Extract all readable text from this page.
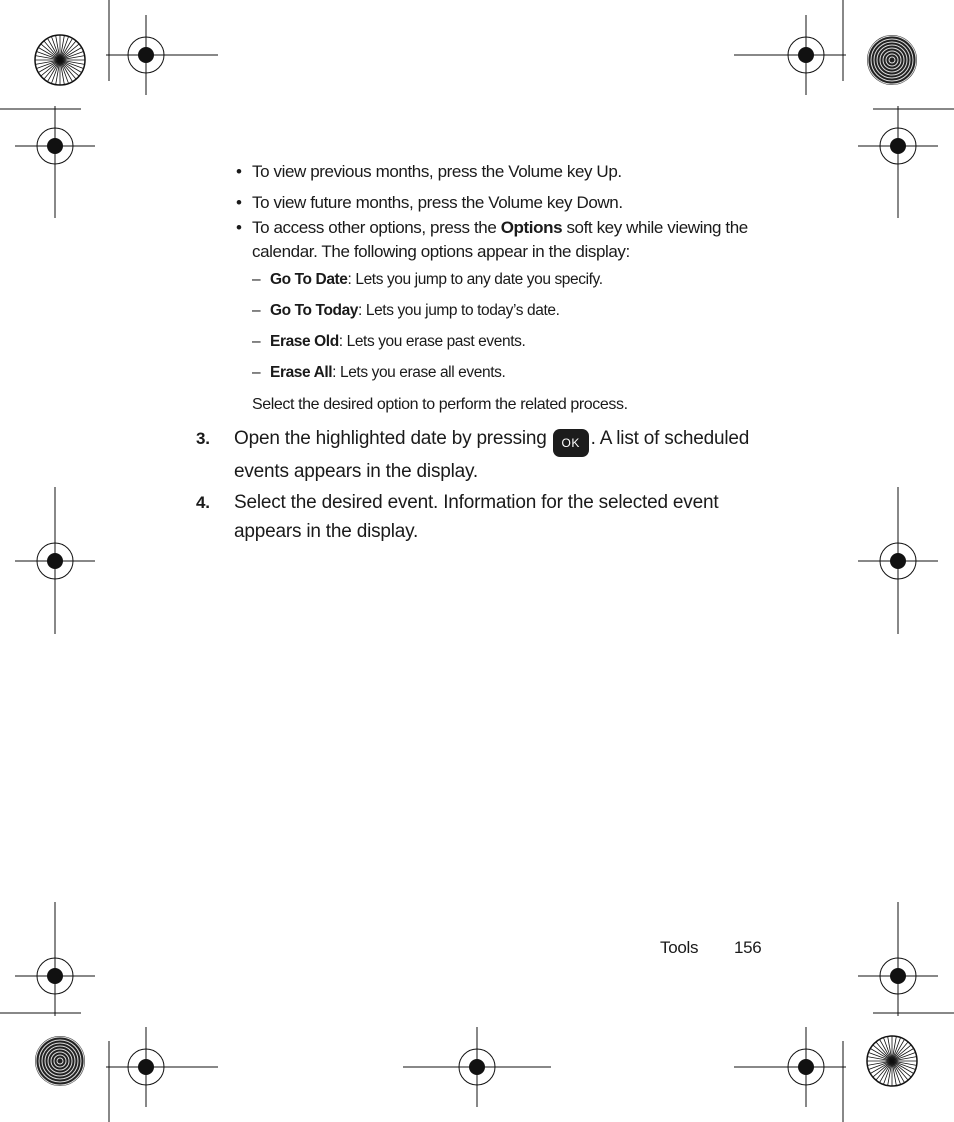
• To view previous months, press the Volume key Up.
• To view future months, press the Volume key Down.
• To access other options, press the Options soft key while viewing the calendar. The following options appear in the display:
– Go To Date: Lets you jump to any date you specify.
– Go To Today: Lets you jump to today’s date.
– Erase Old: Lets you erase past events.
– Erase All: Lets you erase all events.
Select the desired option to perform the related process.
3. Open the highlighted date by pressing OK . A list of scheduled events appears in the display.
4. Select the desired event. Information for the selected event appears in the display.
Tools 156
